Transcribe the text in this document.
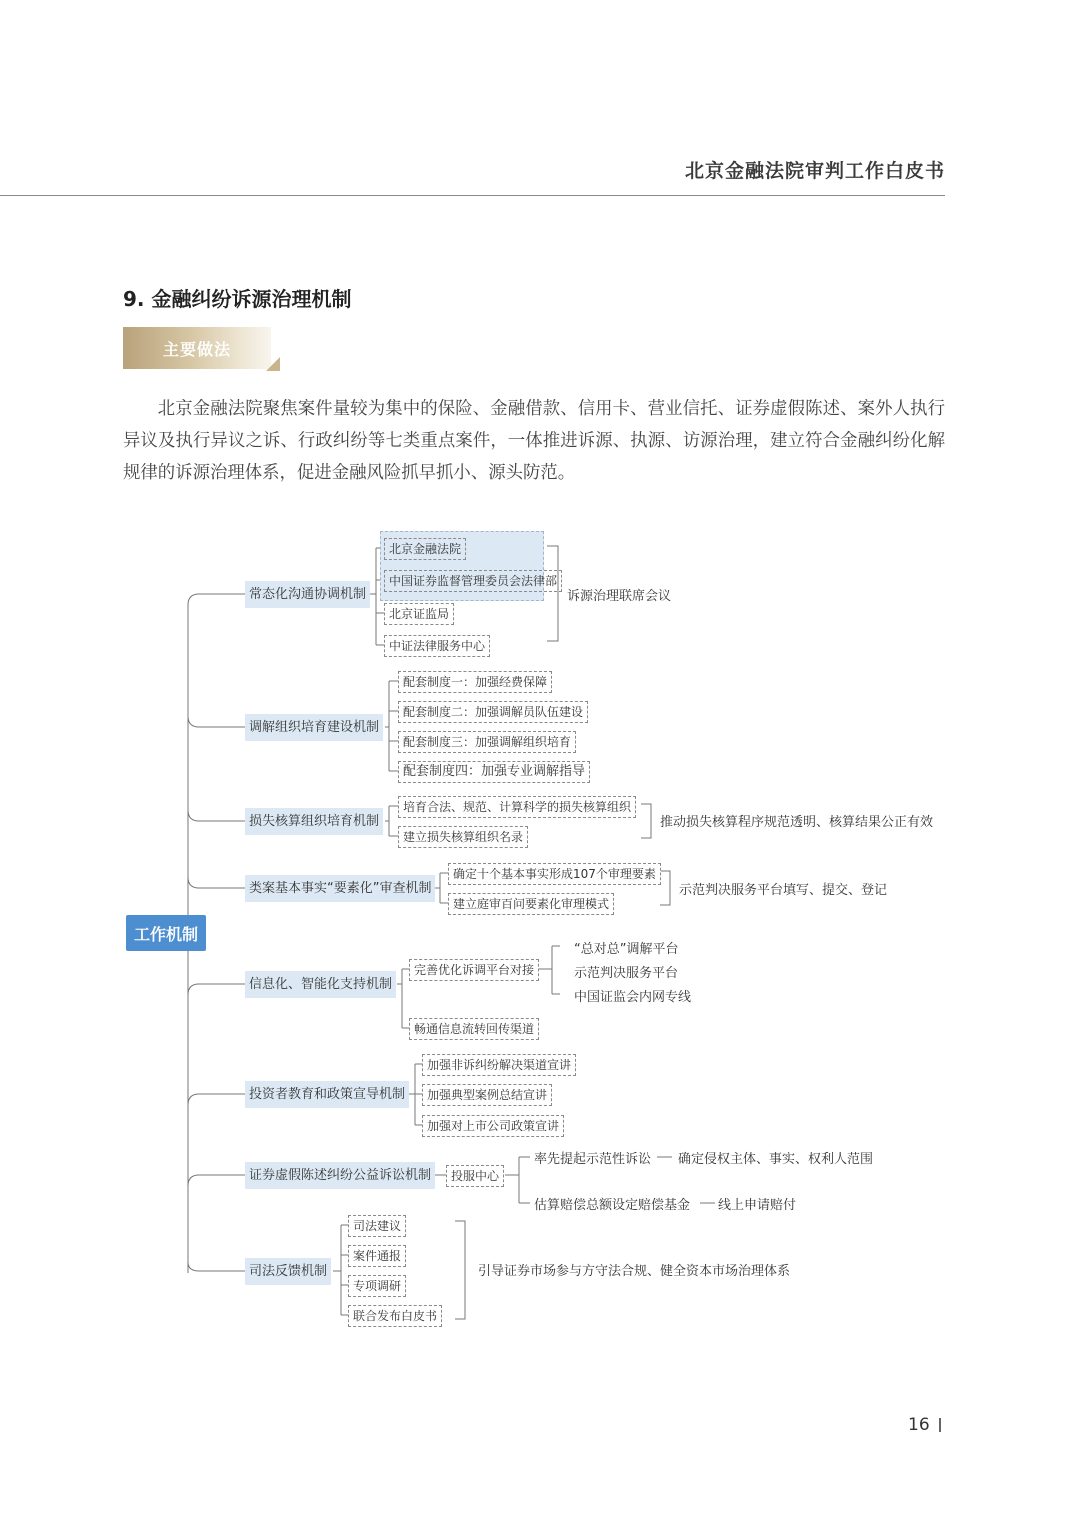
北京金融法院审判工作白皮书
9. 金融纠纷诉源治理机制
主要做法
北京金融法院聚焦案件量较为集中的保险、金融借款、信用卡、营业信托、证券虚假陈述、案外人执行异议及执行异议之诉、行政纠纷等七类重点案件，一体推进诉源、执源、访源治理，建立符合金融纠纷化解规律的诉源治理体系，促进金融风险抓早抓小、源头防范。
工作机制
常态化沟通协调机制
北京金融法院
中国证券监督管理委员会法律部
北京证监局
中证法律服务中心
诉源治理联席会议
调解组织培育建设机制
配套制度一：加强经费保障
配套制度二：加强调解员队伍建设
配套制度三：加强调解组织培育
配套制度四：加强专业调解指导
损失核算组织培育机制
培育合法、规范、计算科学的损失核算组织
建立损失核算组织名录
推动损失核算程序规范透明、核算结果公正有效
类案基本事实“要素化”审查机制
确定十个基本事实形成107个审理要素
建立庭审百问要素化审理模式
示范判决服务平台填写、提交、登记
信息化、智能化支持机制
完善优化诉调平台对接
畅通信息流转回传渠道
“总对总”调解平台
示范判决服务平台
中国证监会内网专线
投资者教育和政策宣导机制
加强非诉纠纷解决渠道宣讲
加强典型案例总结宣讲
加强对上市公司政策宣讲
证券虚假陈述纠纷公益诉讼机制	投服中心
率先提起示范性诉讼 确定侵权主体、事实、权利人范围
估算赔偿总额设定赔偿基金 线上申请赔付
司法反馈机制
司法建议
案件通报
专项调研
联合发布白皮书
引导证券市场参与方守法合规、健全资本市场治理体系
16
